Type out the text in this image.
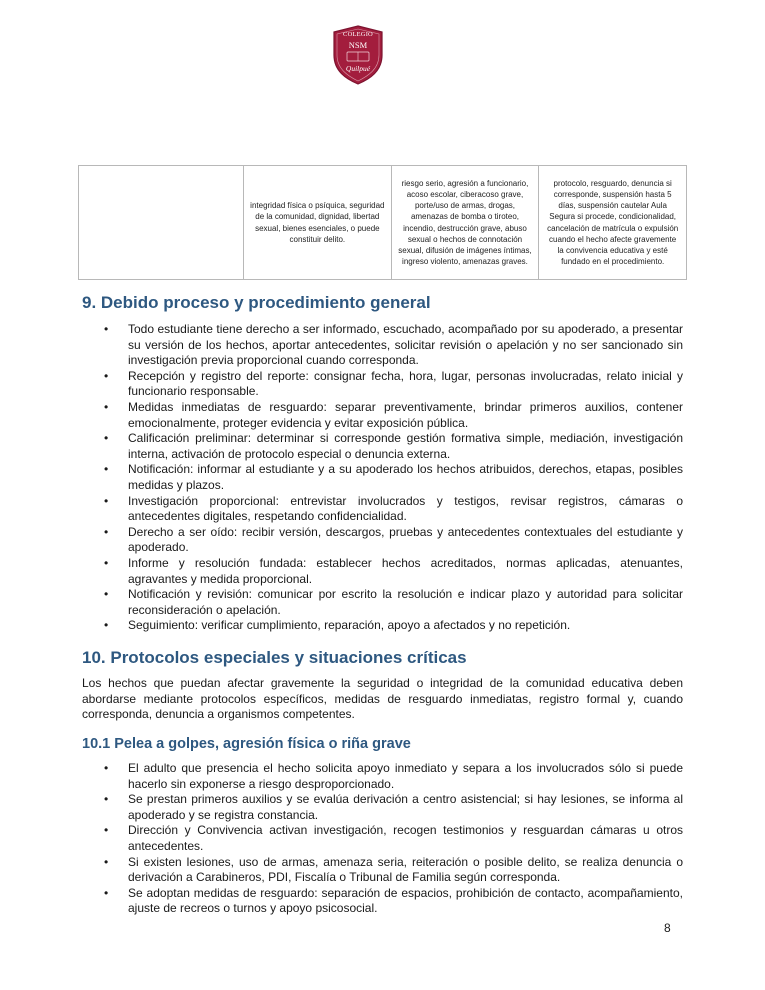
COLEGIO
NSM
Quilpué
	integridad física o psíquica, seguridad de la comunidad, dignidad, libertad sexual, bienes esenciales, o puede constituir delito.	riesgo serio, agresión a funcionario, acoso escolar, ciberacoso grave, porte/uso de armas, drogas, amenazas de bomba o tiroteo, incendio, destrucción grave, abuso sexual o hechos de connotación sexual, difusión de imágenes íntimas, ingreso violento, amenazas graves.	protocolo, resguardo, denuncia si corresponde, suspensión hasta 5 días, suspensión cautelar Aula Segura si procede, condicionalidad, cancelación de matrícula o expulsión cuando el hecho afecte gravemente la convivencia educativa y esté fundado en el procedimiento.
9. Debido proceso y procedimiento general
• Todo estudiante tiene derecho a ser informado, escuchado, acompañado por su apoderado, a presentar su versión de los hechos, aportar antecedentes, solicitar revisión o apelación y no ser sancionado sin investigación previa proporcional cuando corresponda.
• Recepción y registro del reporte: consignar fecha, hora, lugar, personas involucradas, relato inicial y funcionario responsable.
• Medidas inmediatas de resguardo: separar preventivamente, brindar primeros auxilios, contener emocionalmente, proteger evidencia y evitar exposición pública.
• Calificación preliminar: determinar si corresponde gestión formativa simple, mediación, investigación interna, activación de protocolo especial o denuncia externa.
• Notificación: informar al estudiante y a su apoderado los hechos atribuidos, derechos, etapas, posibles medidas y plazos.
• Investigación proporcional: entrevistar involucrados y testigos, revisar registros, cámaras o antecedentes digitales, respetando confidencialidad.
• Derecho a ser oído: recibir versión, descargos, pruebas y antecedentes contextuales del estudiante y apoderado.
• Informe y resolución fundada: establecer hechos acreditados, normas aplicadas, atenuantes, agravantes y medida proporcional.
• Notificación y revisión: comunicar por escrito la resolución e indicar plazo y autoridad para solicitar reconsideración o apelación.
• Seguimiento: verificar cumplimiento, reparación, apoyo a afectados y no repetición.
10. Protocolos especiales y situaciones críticas

Los hechos que puedan afectar gravemente la seguridad o integridad de la comunidad educativa deben abordarse mediante protocolos específicos, medidas de resguardo inmediatas, registro formal y, cuando corresponda, denuncia a organismos competentes.

10.1 Pelea a golpes, agresión física o riña grave
• El adulto que presencia el hecho solicita apoyo inmediato y separa a los involucrados sólo si puede hacerlo sin exponerse a riesgo desproporcionado.
• Se prestan primeros auxilios y se evalúa derivación a centro asistencial; si hay lesiones, se informa al apoderado y se registra constancia.
• Dirección y Convivencia activan investigación, recogen testimonios y resguardan cámaras u otros antecedentes.
• Si existen lesiones, uso de armas, amenaza seria, reiteración o posible delito, se realiza denuncia o derivación a Carabineros, PDI, Fiscalía o Tribunal de Familia según corresponda.
• Se adoptan medidas de resguardo: separación de espacios, prohibición de contacto, acompañamiento, ajuste de recreos o turnos y apoyo psicosocial.
8
